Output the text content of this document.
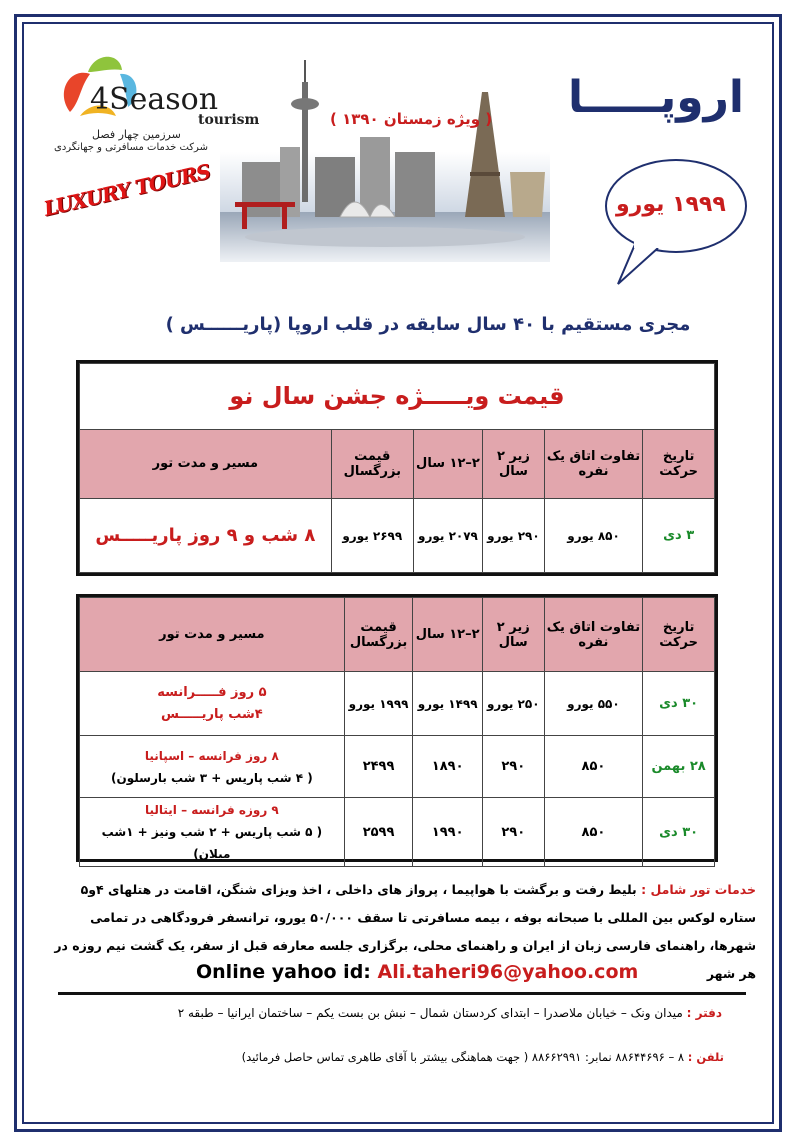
4Season
tourism
سرزمین چهار فصل
شرکت خدمات مسافرتی و جهانگردی
LUXURY TOURS
( ویژه زمستان ۱۳۹۰ ) اروپـــــا
۱۹۹۹ یورو
مجری مستقیم با ۴۰ سال سابقه در قلب اروپا (پاریــــــس )
قیمت ویـــــژه جشن سال نو					
مسیر و مدت تور	قیمت بزرگسال	۲–۱۲ سال	زیر ۲ سال	تفاوت اتاق یک نفره	تاریخ حرکت
۸ شب و ۹ روز پاریـــــس	۲۶۹۹ یورو	۲۰۷۹ یورو	۲۹۰ یورو	۸۵۰ یورو	۳ دی
مسیر و مدت تور	قیمت بزرگسال	۲–۱۲ سال	زیر ۲ سال	تفاوت اتاق یک نفره	تاریخ حرکت

۵ روز فـــــرانسه
۴شب پاریـــــس	۱۹۹۹ یورو	۱۴۹۹ یورو	۲۵۰ یورو	۵۵۰ یورو	۳۰ دی

۸ روز فرانسه – اسپانیا
( ۴ شب پاریس + ۳ شب بارسلون)	۲۴۹۹	۱۸۹۰	۲۹۰	۸۵۰	۲۸ بهمن

۹ روزه فرانسه – ایتالیا
( ۵ شب پاریس + ۲ شب ونیز + ۱شب میلان)	۲۵۹۹	۱۹۹۰	۲۹۰	۸۵۰	۳۰ دی
خدمات تور شامل : بلیط رفت و برگشت با هواپیما ، پرواز های داخلی ، اخذ ویزای شنگن، اقامت در هتلهای ۴و۵ ستاره لوکس بین المللی با صبحانه بوفه ، بیمه مسافرتی تا سقف ۵۰/۰۰۰ یورو، ترانسفر فرودگاهی در تمامی شهرها، راهنمای فارسی زبان از ایران و راهنمای محلی، برگزاری جلسه معارفه قبل از سفر، یک گشت نیم روزه در هر شهر
Online yahoo id: Ali.taheri96@yahoo.com
دفتر : میدان ونک – خیابان ملاصدرا – ابتدای کردستان شمال – نبش بن بست یکم – ساختمان ایرانیا – طبقه ۲
تلفن : ۸ – ۸۸۶۴۴۶۹۶ نمابر: ۸۸۶۶۲۹۹۱ ( جهت هماهنگی بیشتر با آقای طاهری تماس حاصل فرمائید)
